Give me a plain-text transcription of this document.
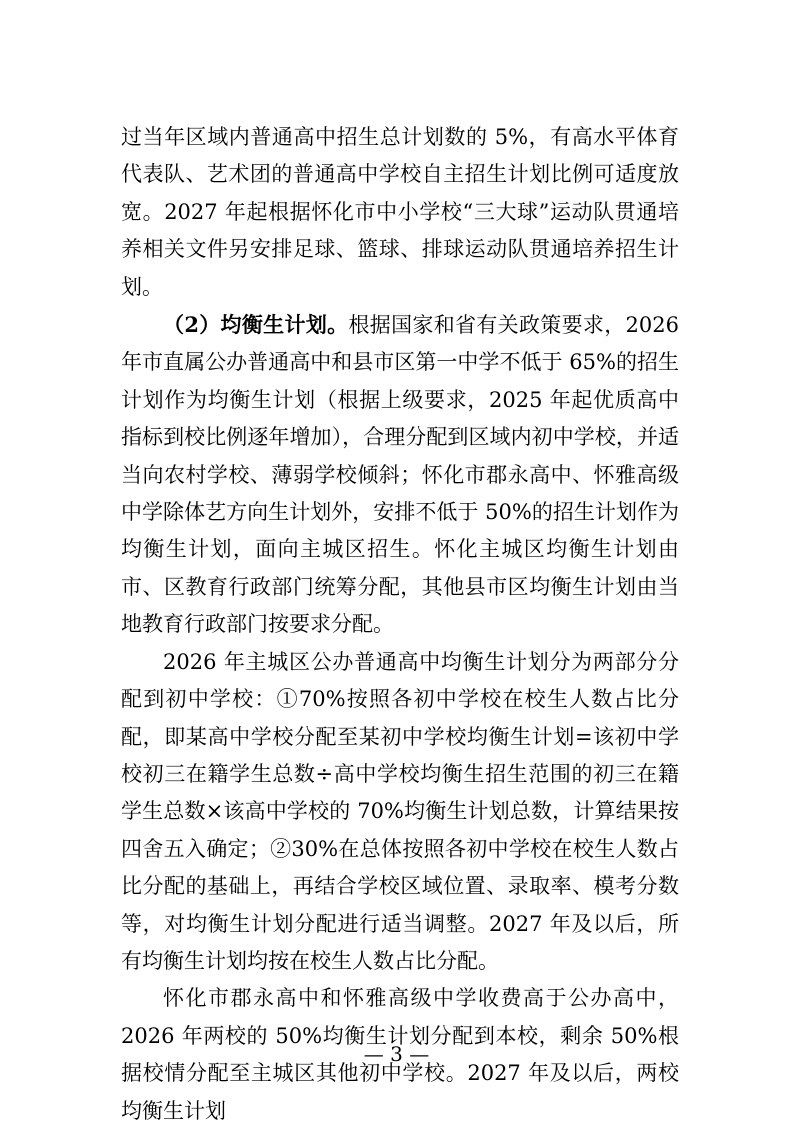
过当年区域内普通高中招生总计划数的 5%，有高水平体育代表队、艺术团的普通高中学校自主招生计划比例可适度放宽。2027 年起根据怀化市中小学校“三大球”运动队贯通培养相关文件另安排足球、篮球、排球运动队贯通培养招生计划。

（2）均衡生计划。根据国家和省有关政策要求，2026 年市直属公办普通高中和县市区第一中学不低于 65%的招生计划作为均衡生计划（根据上级要求，2025 年起优质高中指标到校比例逐年增加），合理分配到区域内初中学校，并适当向农村学校、薄弱学校倾斜；怀化市郡永高中、怀雅高级中学除体艺方向生计划外，安排不低于 50%的招生计划作为均衡生计划，面向主城区招生。怀化主城区均衡生计划由市、区教育行政部门统筹分配，其他县市区均衡生计划由当地教育行政部门按要求分配。

2026 年主城区公办普通高中均衡生计划分为两部分分配到初中学校：①70%按照各初中学校在校生人数占比分配，即某高中学校分配至某初中学校均衡生计划=该初中学校初三在籍学生总数÷高中学校均衡生招生范围的初三在籍学生总数×该高中学校的 70%均衡生计划总数，计算结果按四舍五入确定；②30%在总体按照各初中学校在校生人数占比分配的基础上，再结合学校区域位置、录取率、模考分数等，对均衡生计划分配进行适当调整。2027 年及以后，所有均衡生计划均按在校生人数占比分配。

怀化市郡永高中和怀雅高级中学收费高于公办高中，2026 年两校的 50%均衡生计划分配到本校，剩余 50%根据校情分配至主城区其他初中学校。2027 年及以后，两校均衡生计划

— 3 —
